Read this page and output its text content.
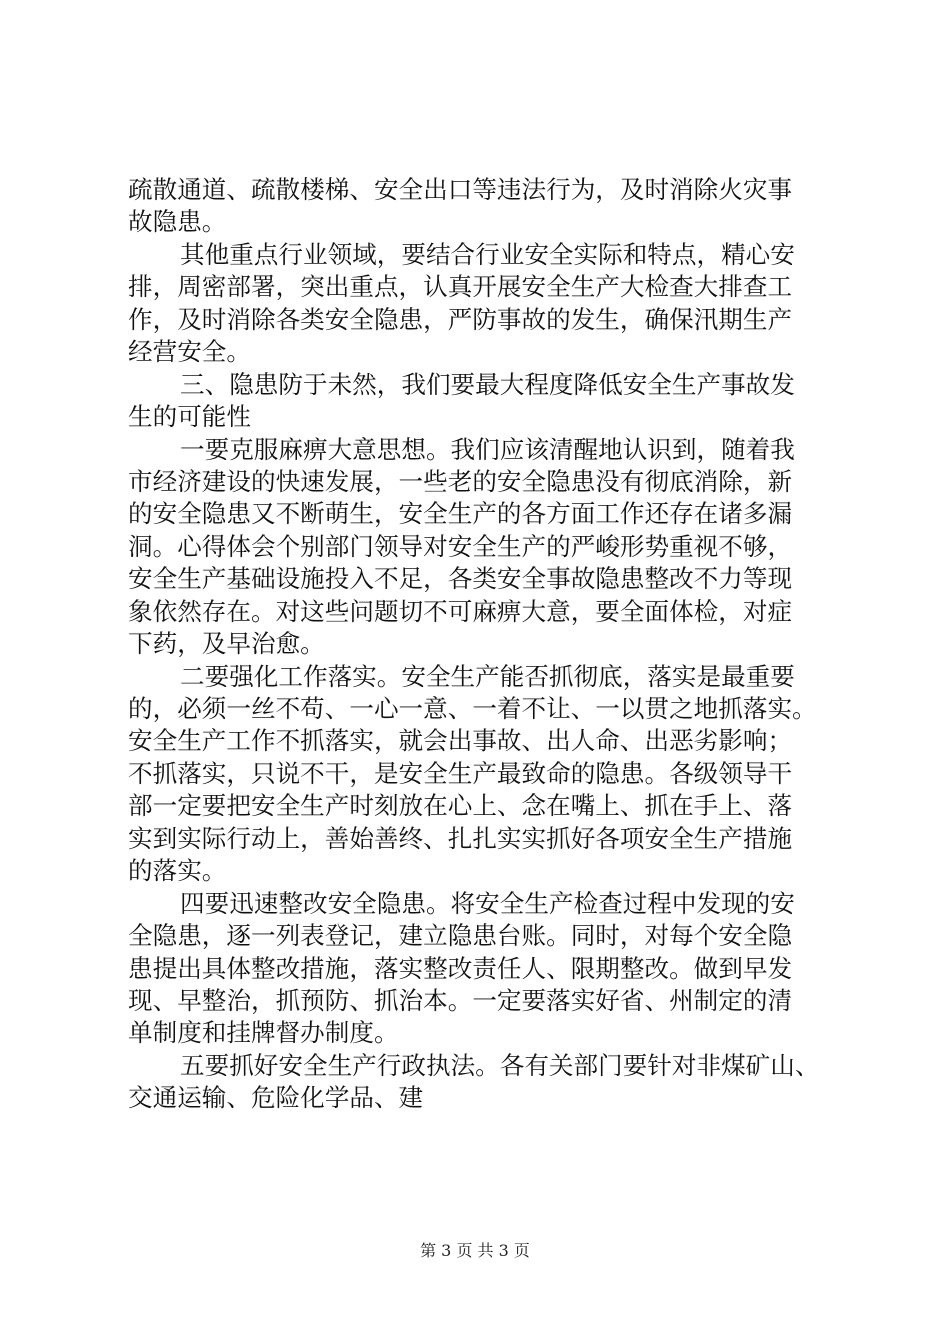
疏散通道、疏散楼梯、安全出口等违法行为，及时消除火灾事
故隐患。
其他重点行业领域，要结合行业安全实际和特点，精心安
排，周密部署，突出重点，认真开展安全生产大检查大排查工
作，及时消除各类安全隐患，严防事故的发生，确保汛期生产
经营安全。
三、隐患防于未然，我们要最大程度降低安全生产事故发
生的可能性
一要克服麻痹大意思想。我们应该清醒地认识到，随着我
市经济建设的快速发展，一些老的安全隐患没有彻底消除，新
的安全隐患又不断萌生，安全生产的各方面工作还存在诸多漏
洞。心得体会个别部门领导对安全生产的严峻形势重视不够，
安全生产基础设施投入不足，各类安全事故隐患整改不力等现
象依然存在。对这些问题切不可麻痹大意，要全面体检，对症
下药，及早治愈。
二要强化工作落实。安全生产能否抓彻底，落实是最重要
的，必须一丝不苟、一心一意、一着不让、一以贯之地抓落实。
安全生产工作不抓落实，就会出事故、出人命、出恶劣影响；
不抓落实，只说不干，是安全生产最致命的隐患。各级领导干
部一定要把安全生产时刻放在心上、念在嘴上、抓在手上、落
实到实际行动上，善始善终、扎扎实实抓好各项安全生产措施
的落实。
四要迅速整改安全隐患。将安全生产检查过程中发现的安
全隐患，逐一列表登记，建立隐患台账。同时，对每个安全隐
患提出具体整改措施，落实整改责任人、限期整改。做到早发
现、早整治，抓预防、抓治本。一定要落实好省、州制定的清
单制度和挂牌督办制度。
五要抓好安全生产行政执法。各有关部门要针对非煤矿山、
交通运输、危险化学品、建
第 3 页 共 3 页
